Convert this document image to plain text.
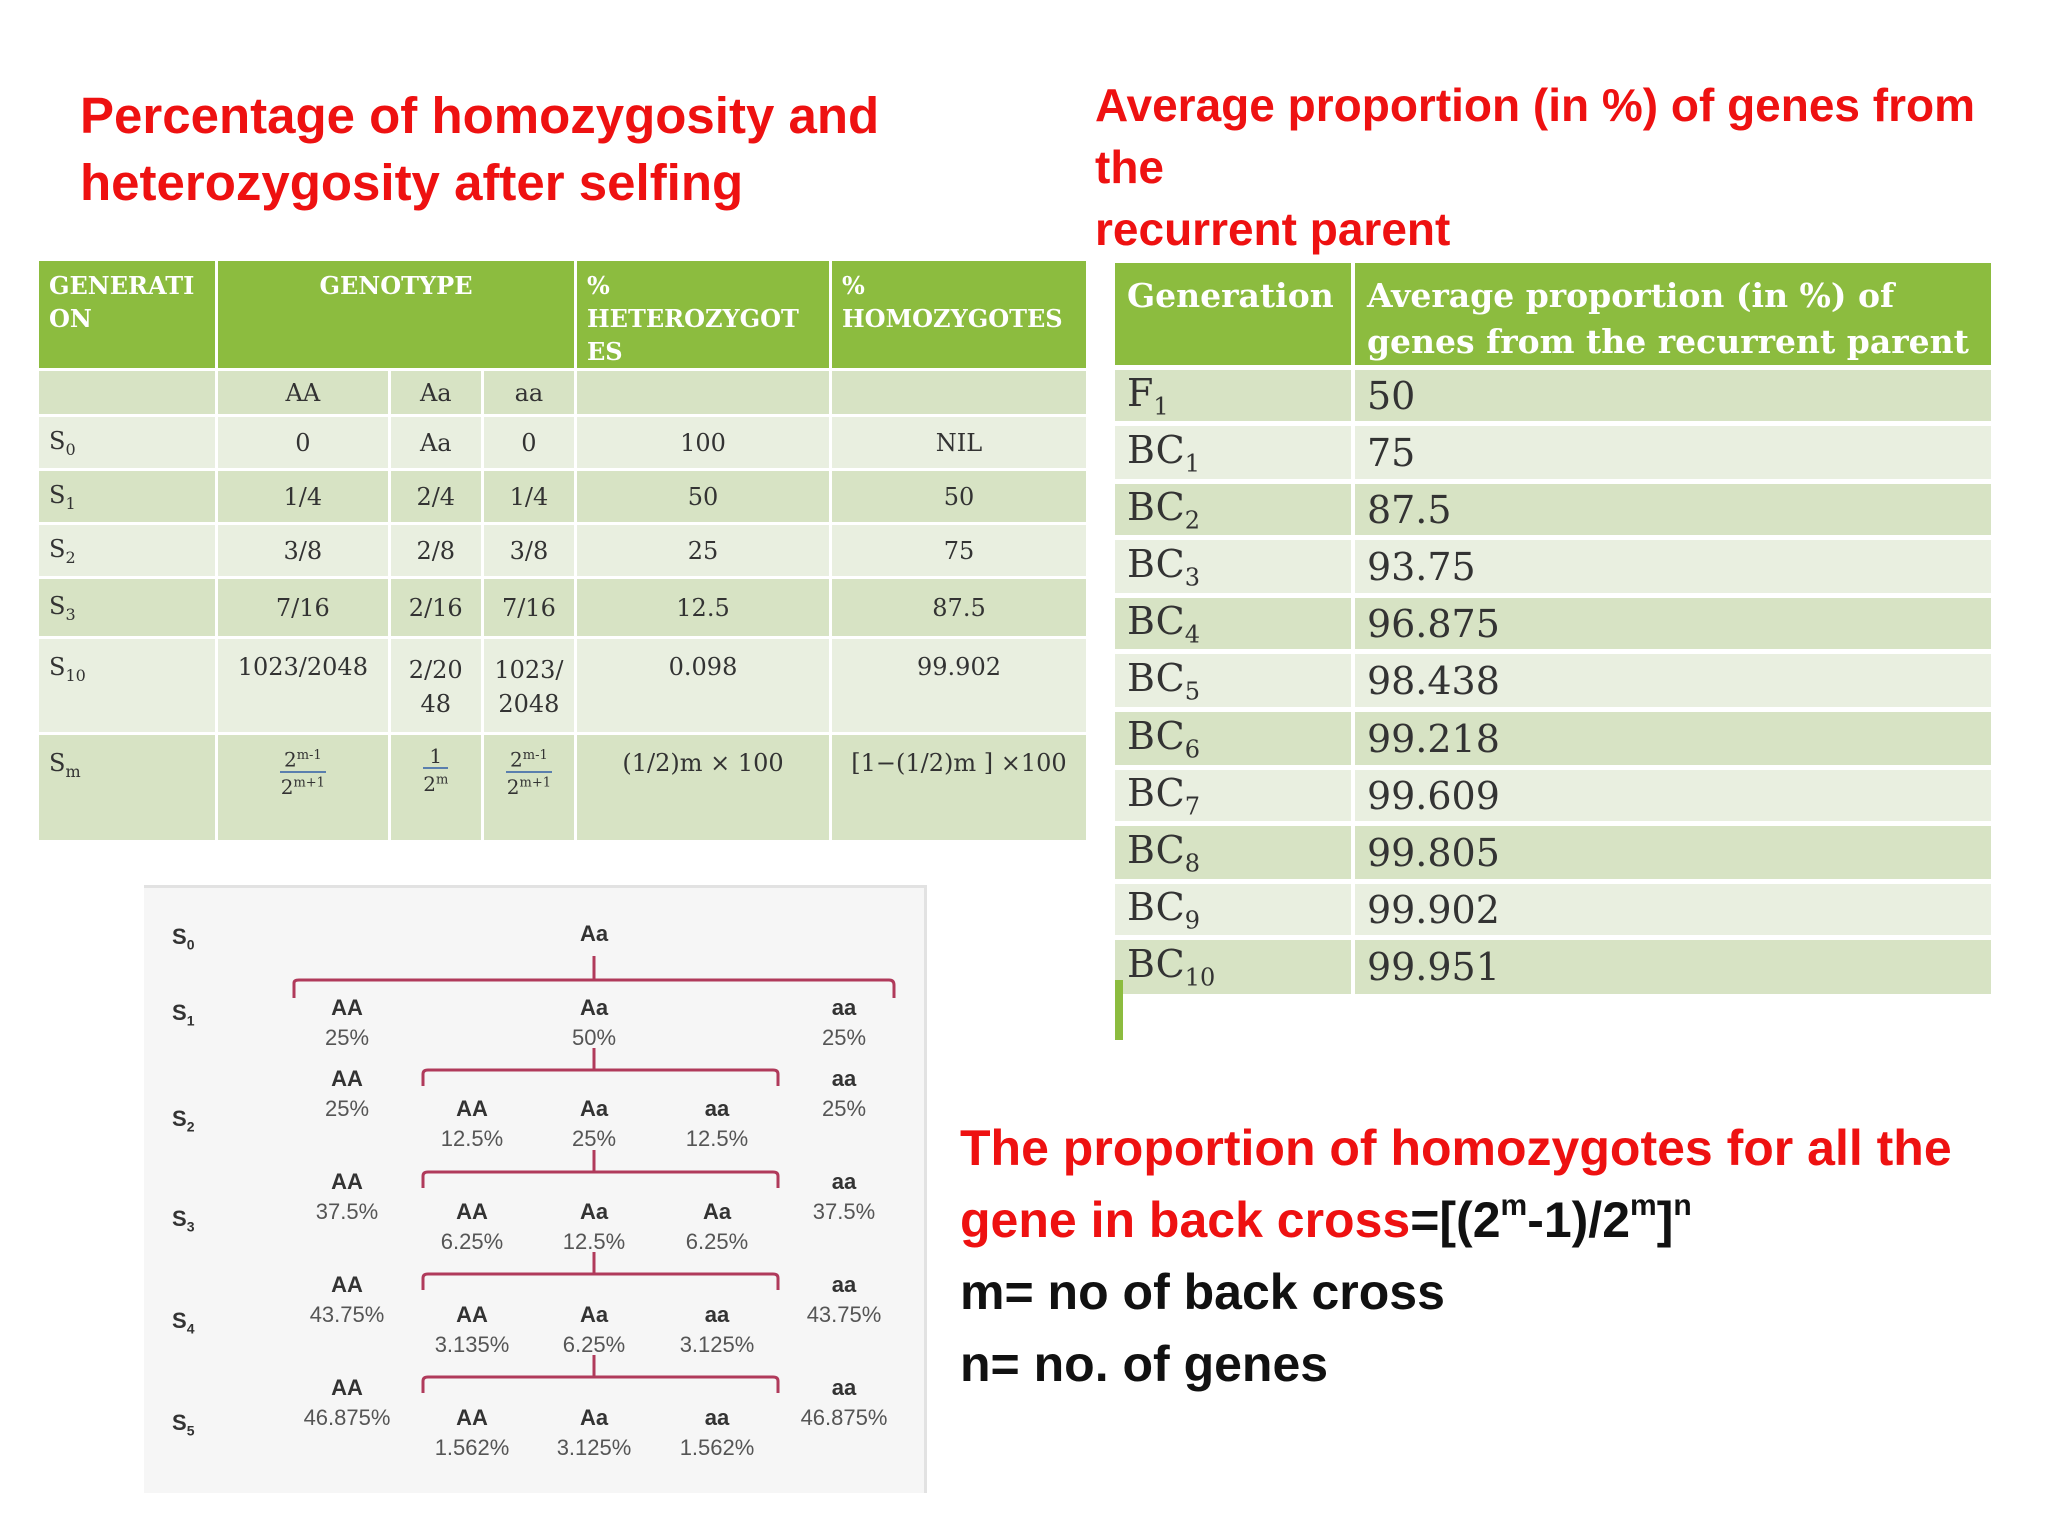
Percentage of homozygosity and
heterozygosity after selfing
Average proportion (in %) of genes from the
recurrent parent
GENERATI ON	GENOTYPE			% HETEROZYGOT ES	% HOMOZYGOTES
	AA	Aa	aa		
$S_0$	0	Aa	0	100	NIL
$S_1$	1/4	2/4	1/4	50	50
$S_2$	3/8	2/8	3/8	25	75
$S_3$	7/16	2/16	7/16	12.5	87.5
$S_{10}$	1023/2048	2/20 48	1023/ 2048	0.098	99.902
$S_m$	$\frac{2^{m-1}}{2^{m+1}}$	$\frac{1}{2^m}$	$\frac{2^{m-1}}{2^{m+1}}$	(1/2)m × 100	[1−(1/2)m ] ×100
Generation	Average proportion (in %) of genes from the recurrent parent
$F_1$	50
$BC_1$	75
$BC_2$	87.5
$BC_3$	93.75
$BC_4$	96.875
$BC_5$	98.438
$BC_6$	99.218
$BC_7$	99.609
$BC_8$	99.805
$BC_9$	99.902
$BC_{10}$	99.951
$S_0$
$S_1$
$S_2$
$S_3$
$S_4$
$S_5$
Aa
AA
25%
Aa
50%
aa
25%
AA
25%
aa
25%
AA
12.5%
Aa
25%
aa
12.5%
AA
37.5%
aa
37.5%
AA
6.25%
Aa
12.5%
Aa
6.25%
AA
43.75%
aa
43.75%
AA
3.135%
Aa
6.25%
aa
3.125%
AA
46.875%
aa
46.875%
AA
1.562%
Aa
3.125%
aa
1.562%
The proportion of homozygotes for all the
gene in back $cross=[(2^m-1)/2^m]^n$
m= no of back cross
n= no. of genes
